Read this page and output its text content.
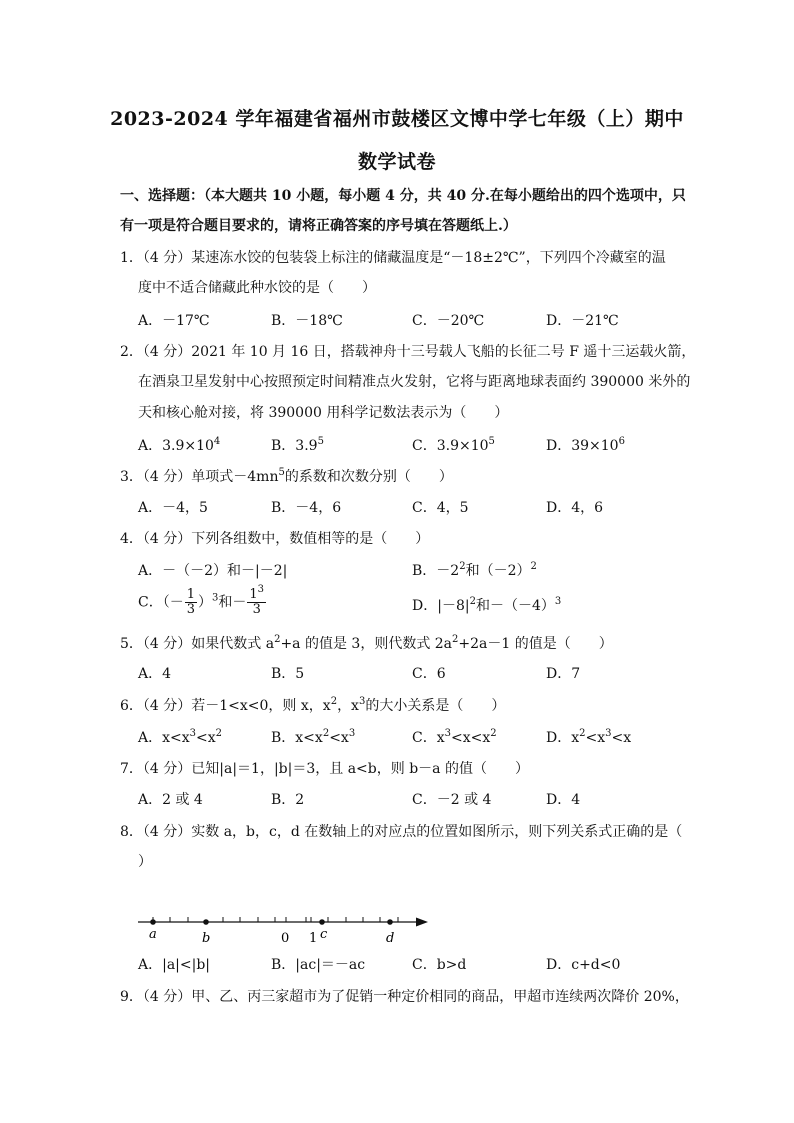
2023-2024 学年福建省福州市鼓楼区文博中学七年级（上）期中
数学试卷
一、选择题：（本大题共 10 小题，每小题 4 分，共 40 分.在每小题给出的四个选项中，只
有一项是符合题目要求的，请将正确答案的序号填在答题纸上.）
1．（4 分）某速冻水饺的包装袋上标注的储藏温度是“－18±2℃”，下列四个冷藏室的温
度中不适合储藏此种水饺的是（　　）
A．－17℃	B．－18℃	C．－20℃	D．－21℃
2．（4 分）2021 年 10 月 16 日，搭载神舟十三号载人飞船的长征二号 F 遥十三运载火箭，
在酒泉卫星发射中心按照预定时间精准点火发射，它将与距离地球表面约 390000 米外的
天和核心舱对接，将 390000 用科学记数法表示为（　　）
A．$3.9\times 10^4$	B．$3.9^5$	C．$3.9\times 10^5$	D．$39\times 10^6$
3．（4 分）单项式$-4mn^5$的系数和次数分别（　　）
A．－4，5	B．－4，6	C．4，5	D．4，6
4．（4 分）下列各组数中，数值相等的是（　　）
A．－（－2）和－|－2|	B．$-2^2$和$(-2)^2$
C．（－ $\frac{1}{3} )^3$和－ $\frac{1^3}{3}$	D．$|-8|^2$和$-(-4)^3$
5．（4 分）如果代数式 $a^2+a$ 的值是 3，则代数式 $2a^2+2a-1$ 的值是（　　）
A．4	B．5	C．6	D．7
6．（4 分）若－1<x<0，则 x，$x^2$，$x^3$的大小关系是（　　）
A．$x<x^3<x^2$	B．$x<x^2<x^3$	C．$x^3<x<x^2$	D．$x^2<x^3<x$
7．（4 分）已知|a|＝1，|b|＝3，且 a<b，则 b－a 的值（　　）
A．2 或 4	B．2	C．－2 或 4	D．4
8．（4 分）实数 a，b，c，d 在数轴上的对应点的位置如图所示，则下列关系式正确的是（
）
a	b	0 1 c	d
A．|a|<|b|	B．|ac|＝－ac	C．b>d	D．c+d<0
9．（4 分）甲、乙、丙三家超市为了促销一种定价相同的商品，甲超市连续两次降价 20%，
